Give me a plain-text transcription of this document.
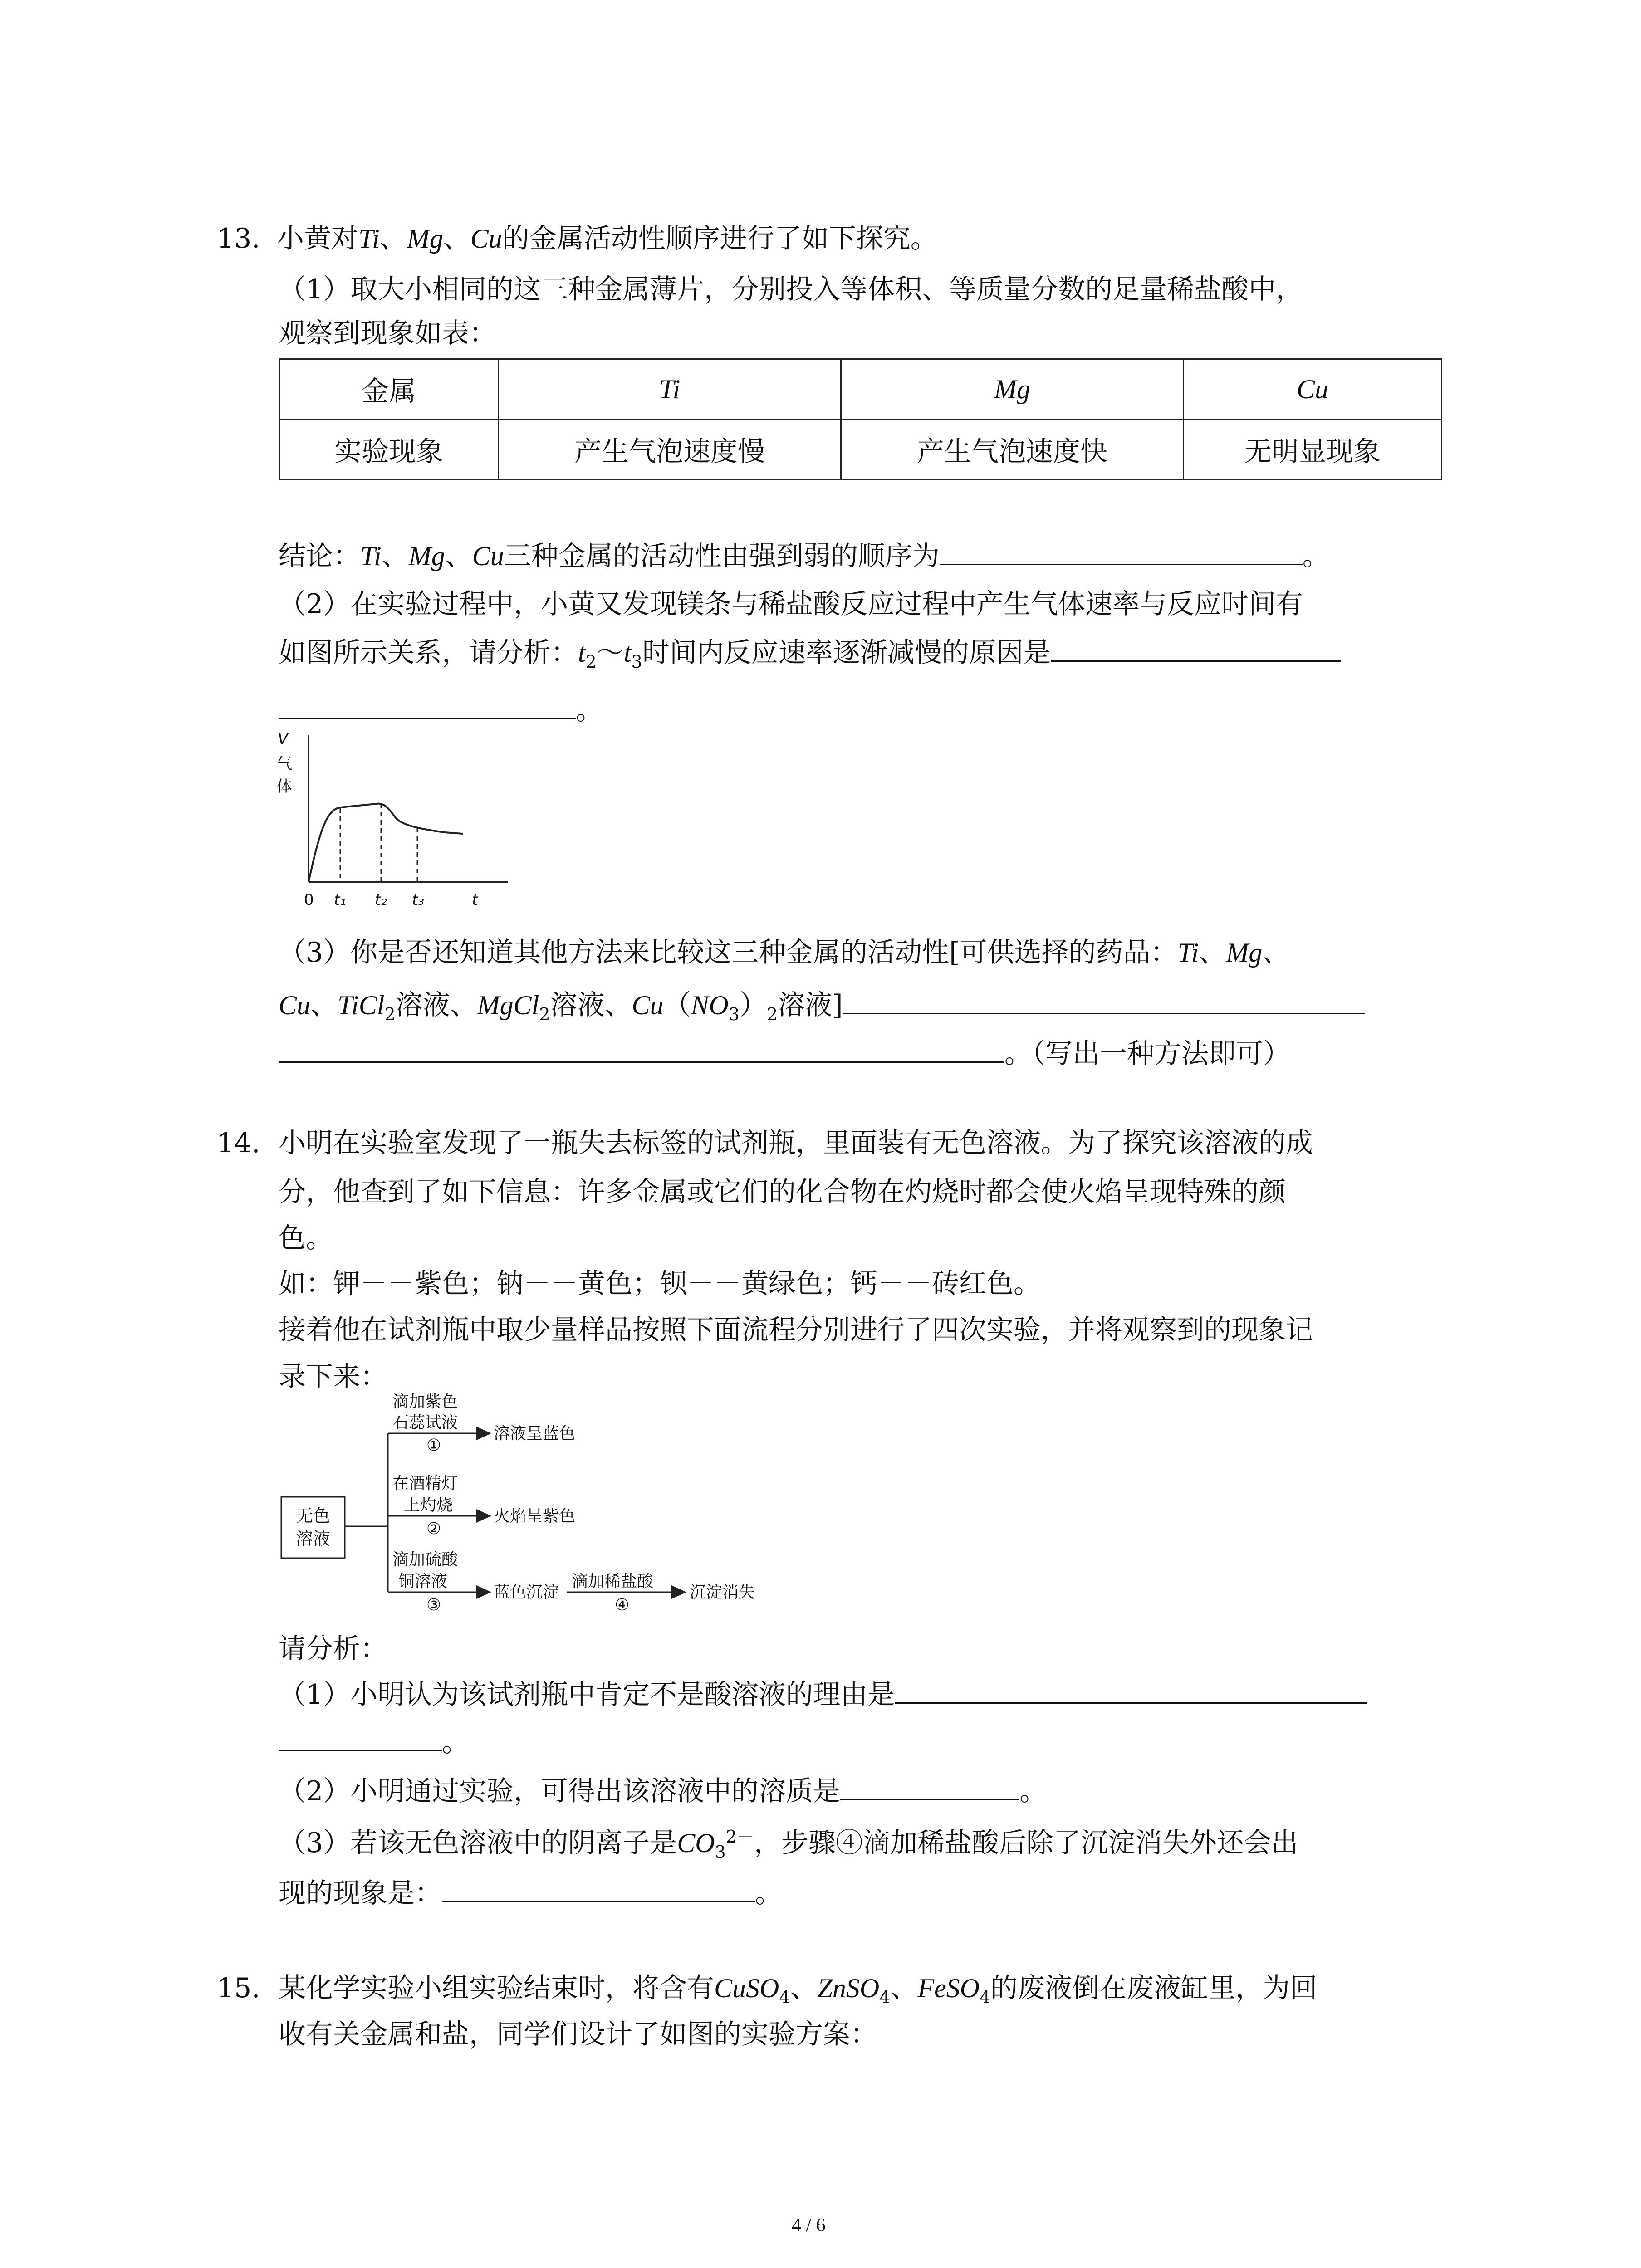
13. 小黄对Ti、Mg、Cu的金属活动性顺序进行了如下探究。
（1）取大小相同的这三种金属薄片，分别投入等体积、等质量分数的足量稀盐酸中，
观察到现象如表：
金属	Ti	Mg	Cu
实验现象	产生气泡速度慢	产生气泡速度快	无明显现象
结论：Ti、Mg、Cu三种金属的活动性由强到弱的顺序为	。
（2）在实验过程中，小黄又发现镁条与稀盐酸反应过程中产生气体速率与反应时间有
如图所示关系，请分析：$t_2\sim t_3$时间内反应速率逐渐减慢的原因是
。
V
气
体
0 t₁ t₂ t₃	t
（3）你是否还知道其他方法来比较这三种金属的活动性[可供选择的药品：Ti、Mg、
Cu、TiCl$_2$溶液、MgCl$_2$溶液、$Cu(NO_3)_2$溶液]
。（写出一种方法即可）
14. 小明在实验室发现了一瓶失去标签的试剂瓶，里面装有无色溶液。为了探究该溶液的成
分，他查到了如下信息：许多金属或它们的化合物在灼烧时都会使火焰呈现特殊的颜
色。
如：钾－－紫色；钠－－黄色；钡－－黄绿色；钙－－砖红色。
接着他在试剂瓶中取少量样品按照下面流程分别进行了四次实验，并将观察到的现象记
录下来：
无色
溶液
滴加紫色
石蕊试液
①
溶液呈蓝色
在酒精灯
上灼烧
②
火焰呈紫色
滴加硫酸
铜溶液
③
蓝色沉淀
滴加稀盐酸
④
沉淀消失
请分析：
（1）小明认为该试剂瓶中肯定不是酸溶液的理由是
。
（2）小明通过实验，可得出该溶液中的溶质是	。
（3）若该无色溶液中的阴离子是$CO_3^{2-}$，步骤④滴加稀盐酸后除了沉淀消失外还会出
现的现象是：	。
15. 某化学实验小组实验结束时，将含有CuSO$_4$、ZnSO$_4$、FeSO$_4$的废液倒在废液缸里，为回
收有关金属和盐，同学们设计了如图的实验方案：
4 / 6
